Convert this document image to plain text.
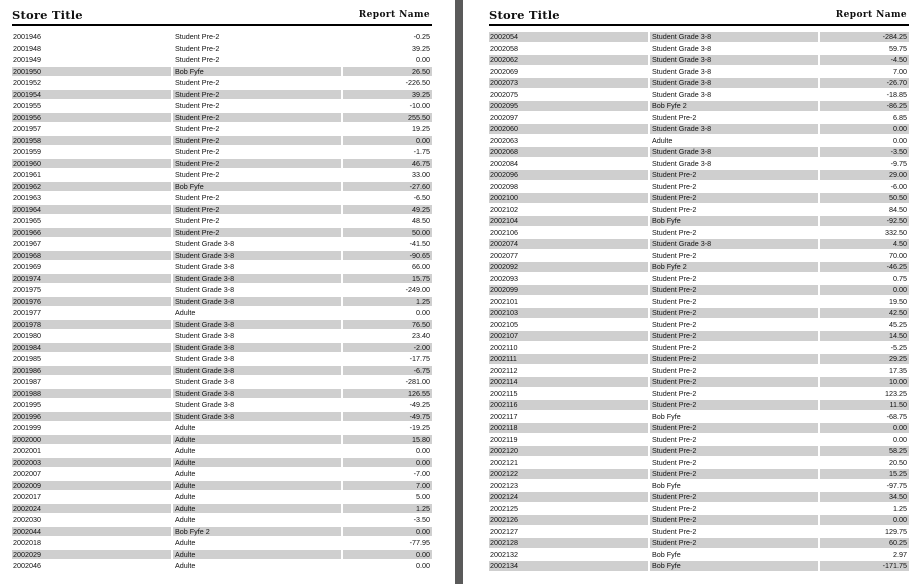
Store Title	Report Name
2001946	Student Pre-2	-0.25
2001948	Student Pre-2	39.25
2001949	Student Pre-2	0.00
2001950	Bob Fyfe	26.50
2001952	Student Pre-2	-226.50
2001954	Student Pre-2	39.25
2001955	Student Pre-2	-10.00
2001956	Student Pre-2	255.50
2001957	Student Pre-2	19.25
2001958	Student Pre-2	0.00
2001959	Student Pre-2	-1.75
2001960	Student Pre-2	46.75
2001961	Student Pre-2	33.00
2001962	Bob Fyfe	-27.60
2001963	Student Pre-2	-6.50
2001964	Student Pre-2	49.25
2001965	Student Pre-2	48.50
2001966	Student Pre-2	50.00
2001967	Student Grade 3-8	-41.50
2001968	Student Grade 3-8	-90.65
2001969	Student Grade 3-8	66.00
2001974	Student Grade 3-8	15.75
2001975	Student Grade 3-8	-249.00
2001976	Student Grade 3-8	1.25
2001977	Adulte	0.00
2001978	Student Grade 3-8	76.50
2001980	Student Grade 3-8	23.40
2001984	Student Grade 3-8	-2.00
2001985	Student Grade 3-8	-17.75
2001986	Student Grade 3-8	-6.75
2001987	Student Grade 3-8	-281.00
2001988	Student Grade 3-8	126.55
2001995	Student Grade 3-8	-49.25
2001996	Student Grade 3-8	-49.75
2001999	Adulte	-19.25
2002000	Adulte	15.80
2002001	Adulte	0.00
2002003	Adulte	0.00
2002007	Adulte	-7.00
2002009	Adulte	7.00
2002017	Adulte	5.00
2002024	Adulte	1.25
2002030	Adulte	-3.50
2002044	Bob Fyfe 2	0.00
2002018	Adulte	-77.95
2002029	Adulte	0.00
2002046	Adulte	0.00
Store Title	Report Name
2002054	Student Grade 3-8	-284.25
2002058	Student Grade 3-8	59.75
2002062	Student Grade 3-8	-4.50
2002069	Student Grade 3-8	7.00
2002073	Student Grade 3-8	-26.70
2002075	Student Grade 3-8	-18.85
2002095	Bob Fyfe 2	-86.25
2002097	Student Pre-2	6.85
2002060	Student Grade 3-8	0.00
2002063	Adulte	0.00
2002068	Student Grade 3-8	-3.50
2002084	Student Grade 3-8	-9.75
2002096	Student Pre-2	29.00
2002098	Student Pre-2	-6.00
2002100	Student Pre-2	50.50
2002102	Student Pre-2	84.50
2002104	Bob Fyfe	-92.50
2002106	Student Pre-2	332.50
2002074	Student Grade 3-8	4.50
2002077	Student Pre-2	70.00
2002092	Bob Fyfe 2	-46.25
2002093	Student Pre-2	0.75
2002099	Student Pre-2	0.00
2002101	Student Pre-2	19.50
2002103	Student Pre-2	42.50
2002105	Student Pre-2	45.25
2002107	Student Pre-2	14.50
2002110	Student Pre-2	-5.25
2002111	Student Pre-2	29.25
2002112	Student Pre-2	17.35
2002114	Student Pre-2	10.00
2002115	Student Pre-2	123.25
2002116	Student Pre-2	11.50
2002117	Bob Fyfe	-68.75
2002118	Student Pre-2	0.00
2002119	Student Pre-2	0.00
2002120	Student Pre-2	58.25
2002121	Student Pre-2	20.50
2002122	Student Pre-2	15.25
2002123	Bob Fyfe	-97.75
2002124	Student Pre-2	34.50
2002125	Student Pre-2	1.25
2002126	Student Pre-2	0.00
2002127	Student Pre-2	129.75
2002128	Student Pre-2	60.25
2002132	Bob Fyfe	2.97
2002134	Bob Fyfe	-171.75
